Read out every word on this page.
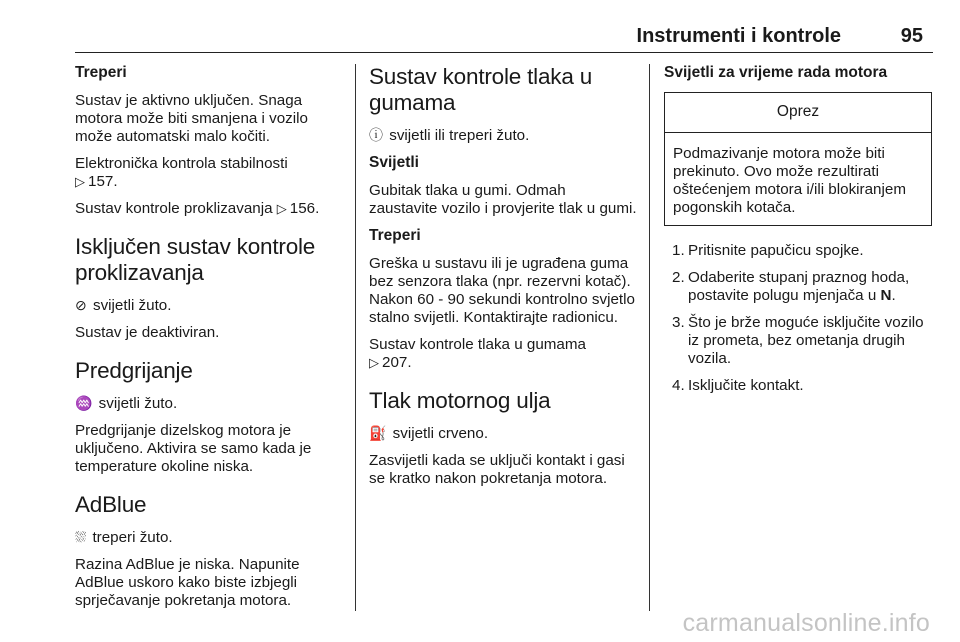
Instrumenti i kontrole	95
Treperi

Sustav je aktivno uključen. Snaga motora može biti smanjena i vozilo može automatski malo kočiti.

Elektronička kontrola stabilnosti
▷ 157.

Sustav kontrole proklizavanja ▷ 156.

Isključen sustav kontrole proklizavanja

⊘ svijetli žuto.

Sustav je deaktiviran.

Predgrijanje

♒ svijetli žuto.

Predgrijanje dizelskog motora je uključeno. Aktivira se samo kada je temperature okoline niska.

AdBlue

⛆ treperi žuto.

Razina AdBlue je niska. Napunite AdBlue uskoro kako biste izbjegli sprječavanje pokretanja motora.

Sustav kontrole tlaka u gumama

ⓘ svijetli ili treperi žuto.

Svijetli

Gubitak tlaka u gumi. Odmah zaustavite vozilo i provjerite tlak u gumi.

Treperi

Greška u sustavu ili je ugrađena guma bez senzora tlaka (npr. rezervni kotač). Nakon 60 - 90 sekundi kontrolno svjetlo stalno svijetli. Kontaktirajte radionicu.

Sustav kontrole tlaka u gumama
▷ 207.

Tlak motornog ulja

⛽ svijetli crveno.

Zasvijetli kada se uključi kontakt i gasi se kratko nakon pokretanja motora.

Svijetli za vrijeme rada motora
Oprez
Podmazivanje motora može biti prekinuto. Ovo može rezultirati oštećenjem motora i/ili blokiranjem pogonskih kotača.
1. Pritisnite papučicu spojke.
2. Odaberite stupanj praznog hoda, postavite polugu mjenjača u N.
3. Što je brže moguće isključite vozilo iz prometa, bez ometanja drugih vozila.
4. Isključite kontakt.
carmanualsonline.info
